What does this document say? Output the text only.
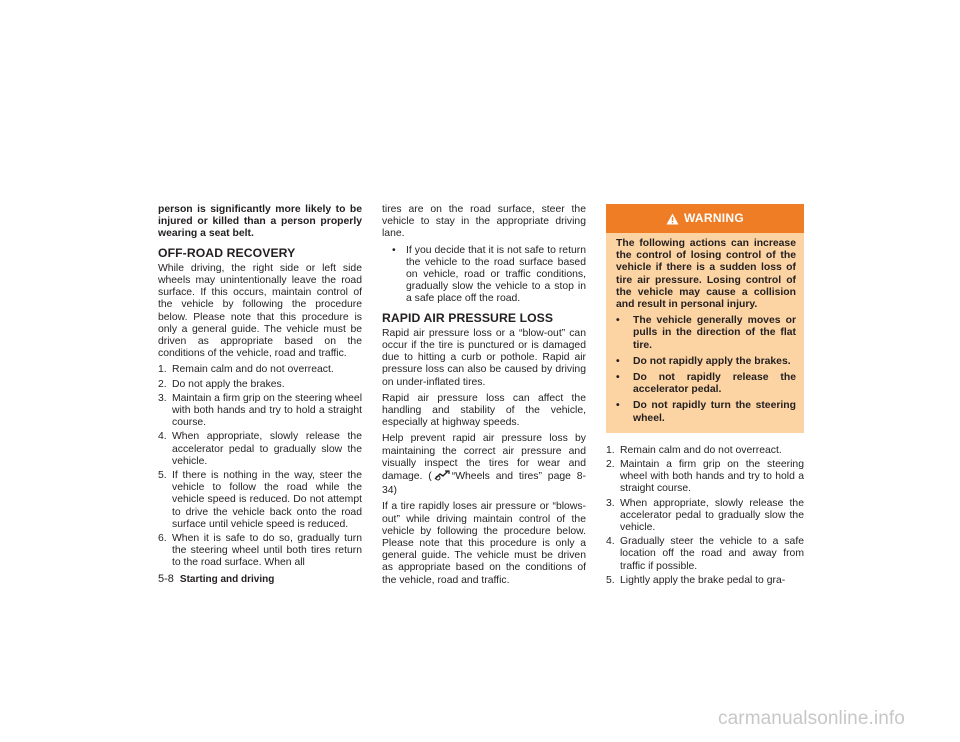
person is significantly more likely to be injured or killed than a person properly wearing a seat belt.

OFF-ROAD RECOVERY

While driving, the right side or left side wheels may unintentionally leave the road surface. If this occurs, maintain control of the vehicle by following the procedure below. Please note that this procedure is only a general guide. The vehicle must be driven as appropriate based on the conditions of the vehicle, road and traffic.

1. Remain calm and do not overreact.
2. Do not apply the brakes.
3. Maintain a firm grip on the steering wheel with both hands and try to hold a straight course.
4. When appropriate, slowly release the accelerator pedal to gradually slow the vehicle.
5. If there is nothing in the way, steer the vehicle to follow the road while the vehicle speed is reduced. Do not attempt to drive the vehicle back onto the road surface until vehicle speed is reduced.
6. When it is safe to do so, gradually turn the steering wheel until both tires return to the road surface. When all

tires are on the road surface, steer the vehicle to stay in the appropriate driving lane.

• If you decide that it is not safe to return the vehicle to the road surface based on vehicle, road or traffic conditions, gradually slow the vehicle to a stop in a safe place off the road.
RAPID AIR PRESSURE LOSS

Rapid air pressure loss or a “blow-out” can occur if the tire is punctured or is damaged due to hitting a curb or pothole. Rapid air pressure loss can also be caused by driving on under-inflated tires.

Rapid air pressure loss can affect the handling and stability of the vehicle, especially at highway speeds.

Help prevent rapid air pressure loss by maintaining the correct air pressure and visually inspect the tires for wear and damage. ( “Wheels and tires” page 8-34)

If a tire rapidly loses air pressure or “blows-out” while driving maintain control of the vehicle by following the procedure below. Please note that this procedure is only a general guide. The vehicle must be driven as appropriate based on the conditions of the vehicle, road and traffic.

WARNING

The following actions can increase the control of losing control of the vehicle if there is a sudden loss of tire air pressure. Losing control of the vehicle may cause a collision and result in personal injury.

• The vehicle generally moves or pulls in the direction of the flat tire.
• Do not rapidly apply the brakes.
• Do not rapidly release the accelerator pedal.
• Do not rapidly turn the steering wheel.
1. Remain calm and do not overreact.
2. Maintain a firm grip on the steering wheel with both hands and try to hold a straight course.
3. When appropriate, slowly release the accelerator pedal to gradually slow the vehicle.
4. Gradually steer the vehicle to a safe location off the road and away from traffic if possible.
5. Lightly apply the brake pedal to gra-
5-8 Starting and driving
carmanualsonline.info
